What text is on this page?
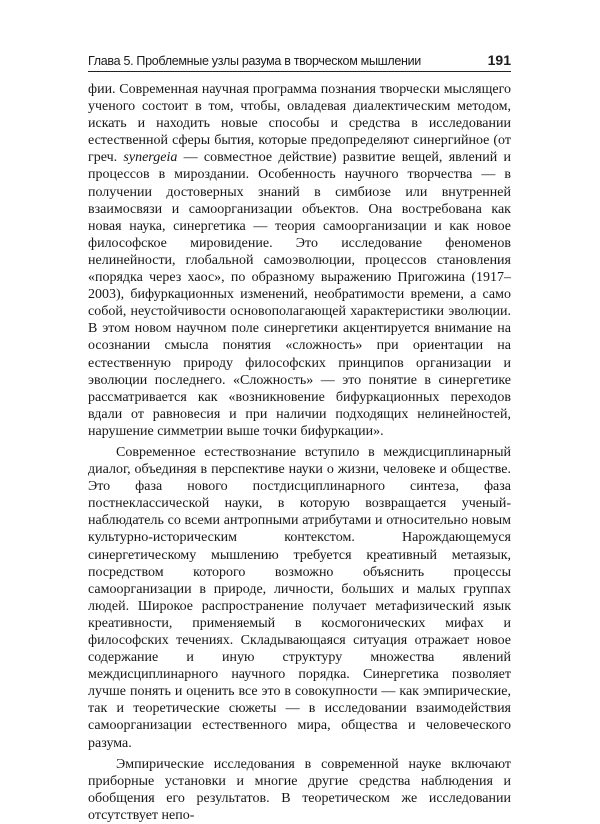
Глава 5. Проблемные узлы разума в творческом мышлении	191

фии. Современная научная программа познания творчески мыслящего ученого состоит в том, чтобы, овладевая диалектическим методом, искать и находить новые способы и средства в исследовании естественной сферы бытия, которые предопределяют синергийное (от греч. synergeia — совместное действие) развитие вещей, явлений и процессов в мироздании. Особенность научного творчества — в получении достоверных знаний в симбиозе или внутренней взаимосвязи и самоорганизации объектов. Она востребована как новая наука, синергетика — теория самоорганизации и как новое философское мировидение. Это исследование феноменов нелинейности, глобальной самоэволюции, процессов становления «порядка через хаос», по образному выражению Пригожина (1917–2003), бифуркационных изменений, необратимости времени, а само собой, неустойчивости основополагающей характеристики эволюции. В этом новом научном поле синергетики акцентируется внимание на осознании смысла понятия «сложность» при ориентации на естественную природу философских принципов организации и эволюции последнего. «Сложность» — это понятие в синергетике рассматривается как «возникновение бифуркационных переходов вдали от равновесия и при наличии подходящих нелинейностей, нарушение симметрии выше точки бифуркации».

Современное естествознание вступило в междисциплинарный диалог, объединяя в перспективе науки о жизни, человеке и обществе. Это фаза нового постдисциплинарного синтеза, фаза постнеклассической науки, в которую возвращается ученый-наблюдатель со всеми антропными атрибутами и относительно новым культурно-историческим контекстом. Нарождающемуся синергетическому мышлению требуется креативный метаязык, посредством которого возможно объяснить процессы самоорганизации в природе, личности, больших и малых группах людей. Широкое распространение получает метафизический язык креативности, применяемый в космогонических мифах и философских течениях. Складывающаяся ситуация отражает новое содержание и иную структуру множества явлений междисциплинарного научного порядка. Синергетика позволяет лучше понять и оценить все это в совокупности — как эмпирические, так и теоретические сюжеты — в исследовании взаимодействия самоорганизации естественного мира, общества и человеческого разума.

Эмпирические исследования в современной науке включают приборные установки и многие другие средства наблюдения и обобщения его результатов. В теоретическом же исследовании отсутствует непо-
